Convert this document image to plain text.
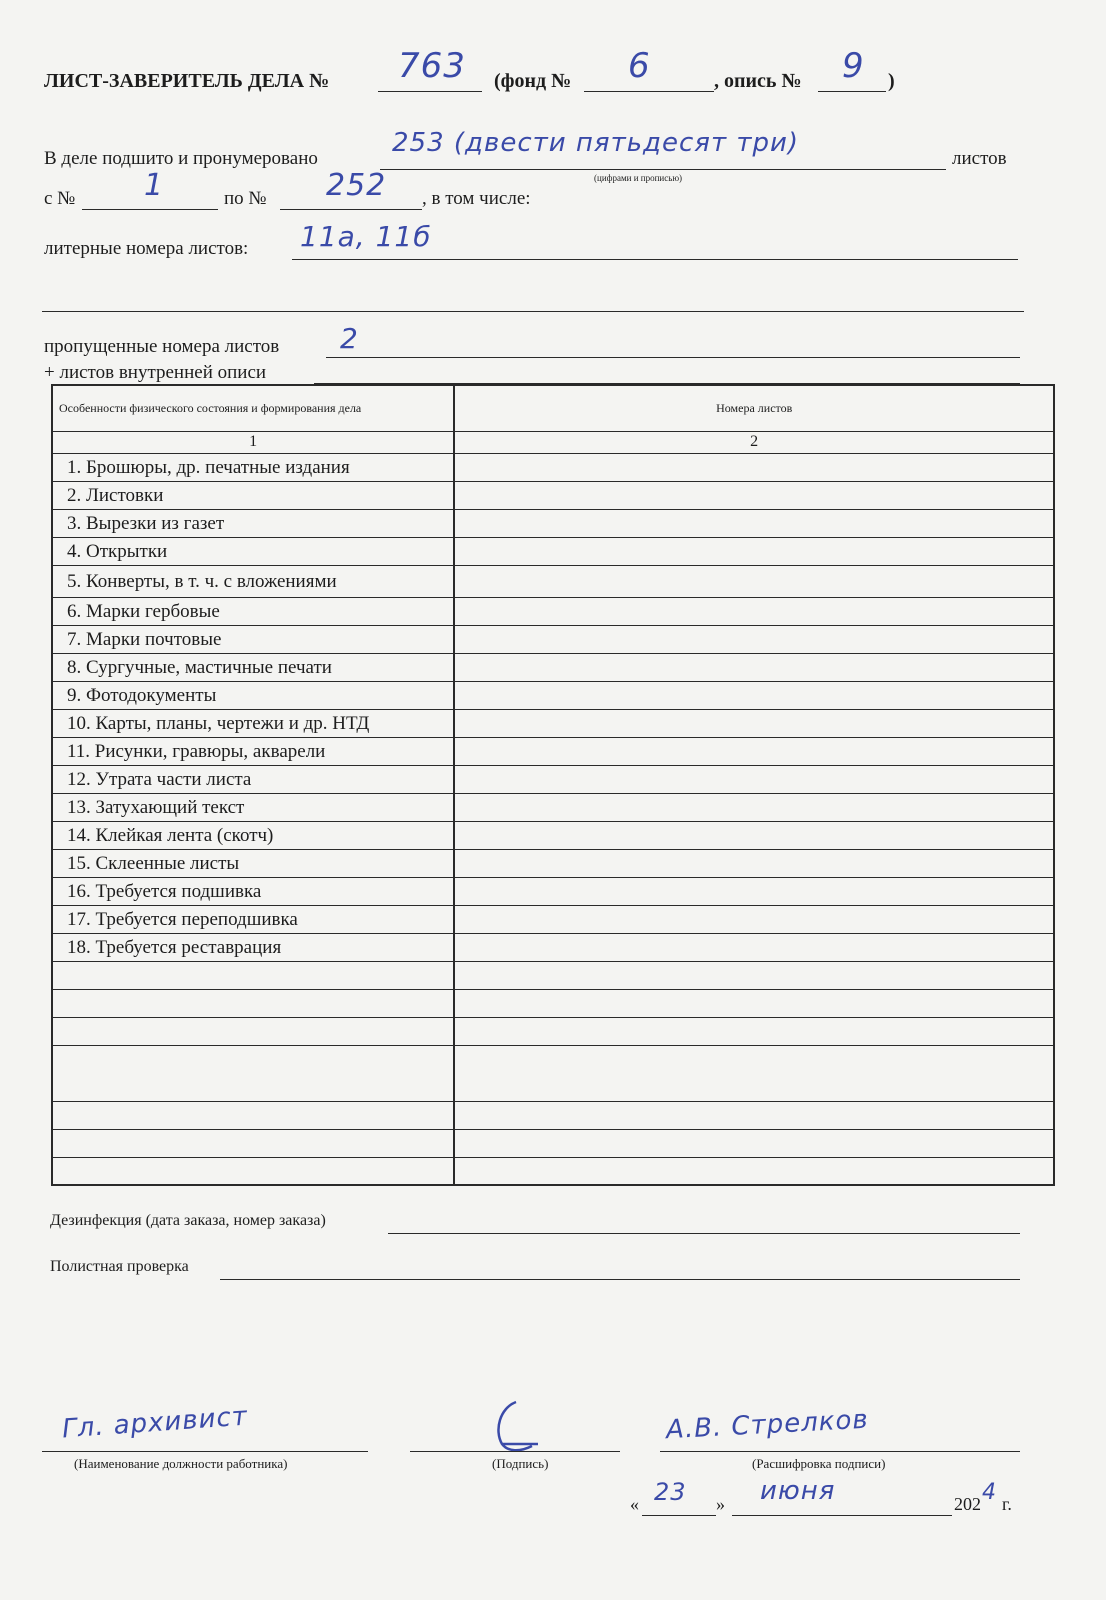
ЛИСТ-ЗАВЕРИТЕЛЬ ДЕЛА № 763 (фонд № 6	, опись № 9 )
В деле подшито и пронумеровано
253 (двести пятьдесят три)
(цифрами и прописью)
листов
с № 1	по № 252 , в том числе:
литерные номера листов: 11а, 11б
пропущенные номера листов 2
+ листов внутренней описи
Особенности физического состояния и формирования дела	Номера листов
1	2
1. Брошюры, др. печатные издания	
2. Листовки	
3. Вырезки из газет	
4. Открытки	
5. Конверты, в т. ч. с вложениями	
6. Марки гербовые	
7. Марки почтовые	
8. Сургучные, мастичные печати	
9. Фотодокументы	
10. Карты, планы, чертежи и др. НТД	
11. Рисунки, гравюры, акварели	
12. Утрата части листа	
13. Затухающий текст	
14. Клейкая лента (скотч)	
15. Склеенные листы	
16. Требуется подшивка	
17. Требуется переподшивка	
18. Требуется реставрация	

Дезинфекция (дата заказа, номер заказа)
Полистная проверка
Гл. архивист
(Наименование должности работника)	(Подпись)
А.В. Стрелков
(Расшифровка подписи)
« 23 » июня	202 4 г.
